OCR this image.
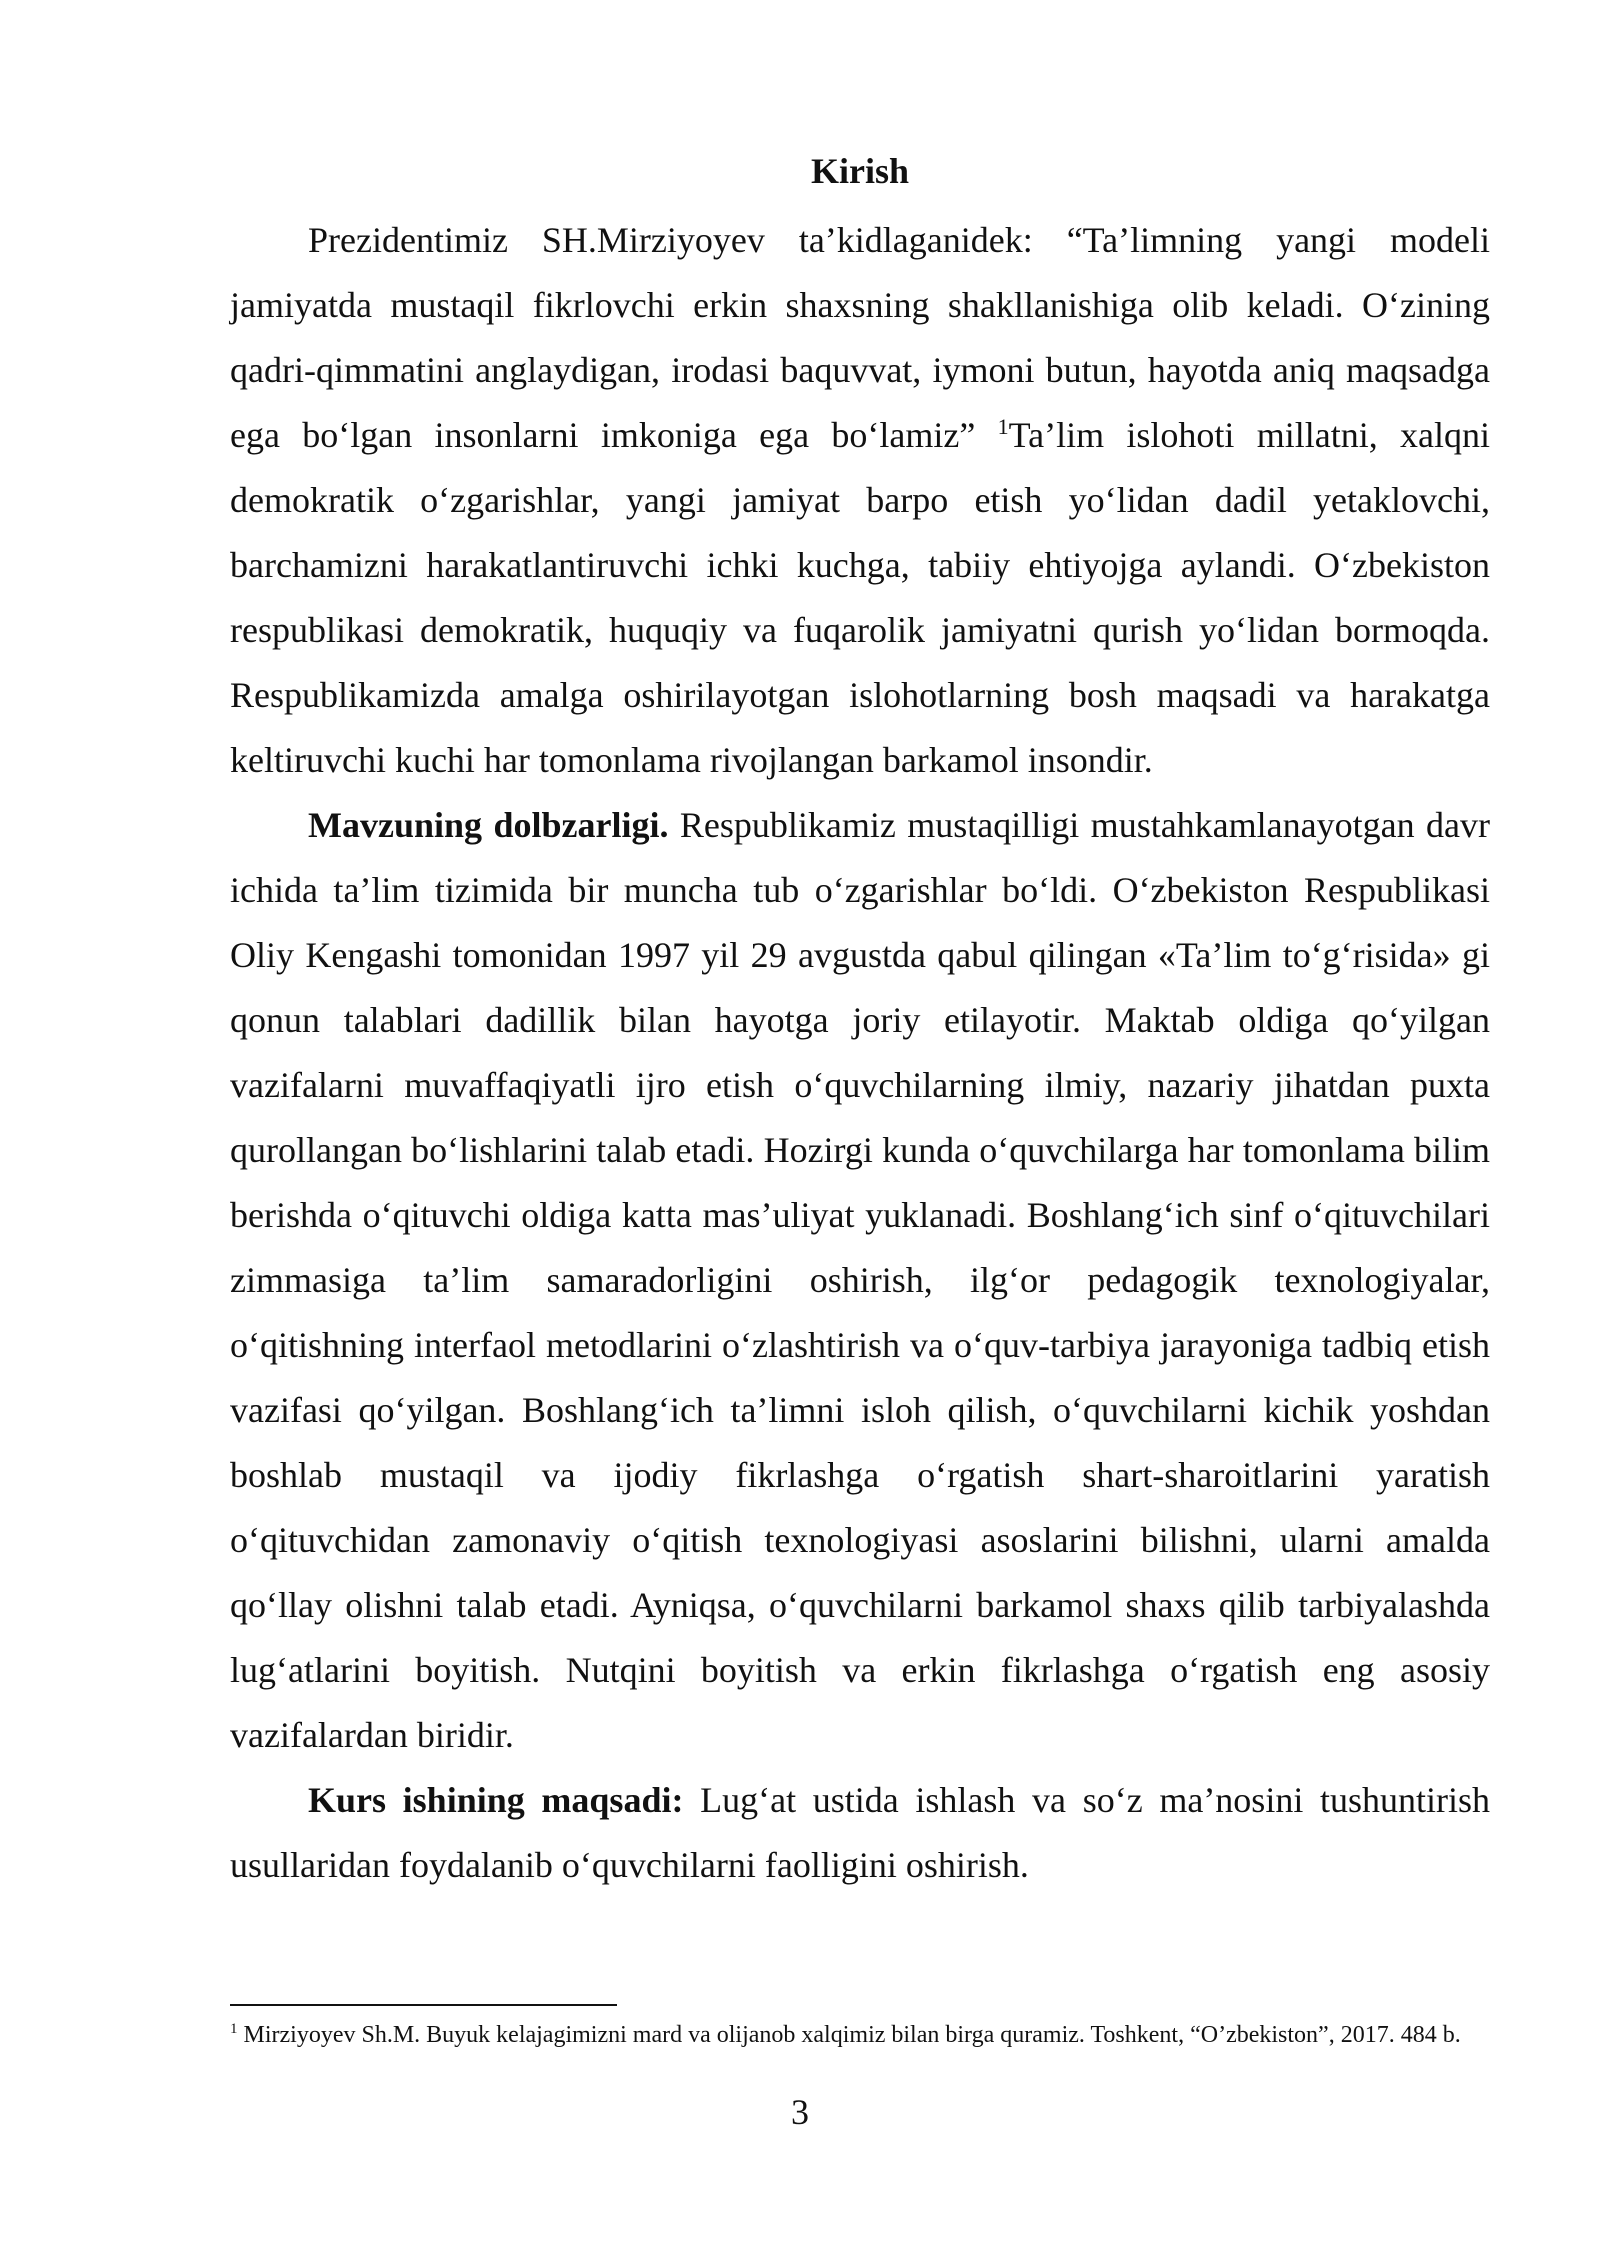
Kirish

Prezidentimiz SH.Mirziyoyev ta’kidlaganidek: “Ta’limning yangi modeli jamiyatda mustaqil fikrlovchi erkin shaxsning shakllanishiga olib keladi. O‘zining qadri-qimmatini anglaydigan, irodasi baquvvat, iymoni butun, hayotda aniq maqsadga ega bo‘lgan insonlarni imkoniga ega bo‘lamiz” $^1$Ta’lim islohoti millatni, xalqni demokratik o‘zgarishlar, yangi jamiyat barpo etish yo‘lidan dadil yetaklovchi, barchamizni harakatlantiruvchi ichki kuchga, tabiiy ehtiyojga aylandi. O‘zbekiston respublikasi demokratik, huquqiy va fuqarolik jamiyatni qurish yo‘lidan bormoqda. Respublikamizda amalga oshirilayotgan islohotlarning bosh maqsadi va harakatga keltiruvchi kuchi har tomonlama rivojlangan barkamol insondir.

Mavzuning dolbzarligi. Respublikamiz mustaqilligi mustahkamlanayotgan davr ichida ta’lim tizimida bir muncha tub o‘zgarishlar bo‘ldi. O‘zbekiston Respublikasi Oliy Kengashi tomonidan 1997 yil 29 avgustda qabul qilingan «Ta’lim to‘g‘risida» gi qonun talablari dadillik bilan hayotga joriy etilayotir. Maktab oldiga qo‘yilgan vazifalarni muvaffaqiyatli ijro etish o‘quvchilarning ilmiy, nazariy jihatdan puxta qurollangan bo‘lishlarini talab etadi. Hozirgi kunda o‘quvchilarga har tomonlama bilim berishda o‘qituvchi oldiga katta mas’uliyat yuklanadi. Boshlang‘ich sinf o‘qituvchilari zimmasiga ta’lim samaradorligini oshirish, ilg‘or pedagogik texnologiyalar, o‘qitishning interfaol metodlarini o‘zlashtirish va o‘quv-tarbiya jarayoniga tadbiq etish vazifasi qo‘yilgan. Boshlang‘ich ta’limni isloh qilish, o‘quvchilarni kichik yoshdan boshlab mustaqil va ijodiy fikrlashga o‘rgatish shart-sharoitlarini yaratish o‘qituvchidan zamonaviy o‘qitish texnologiyasi asoslarini bilishni, ularni amalda qo‘llay olishni talab etadi. Ayniqsa, o‘quvchilarni barkamol shaxs qilib tarbiyalashda lug‘atlarini boyitish. Nutqini boyitish va erkin fikrlashga o‘rgatish eng asosiy vazifalardan biridir.

Kurs ishining maqsadi: Lug‘at ustida ishlash va so‘z ma’nosini tushuntirish usullaridan foydalanib o‘quvchilarni faolligini oshirish.

$^1$ Mirziyoyev Sh.M. Buyuk kelajagimizni mard va olijanob xalqimiz bilan birga quramiz. Toshkent, “O’zbekiston”, 2017. 484 b.

3
